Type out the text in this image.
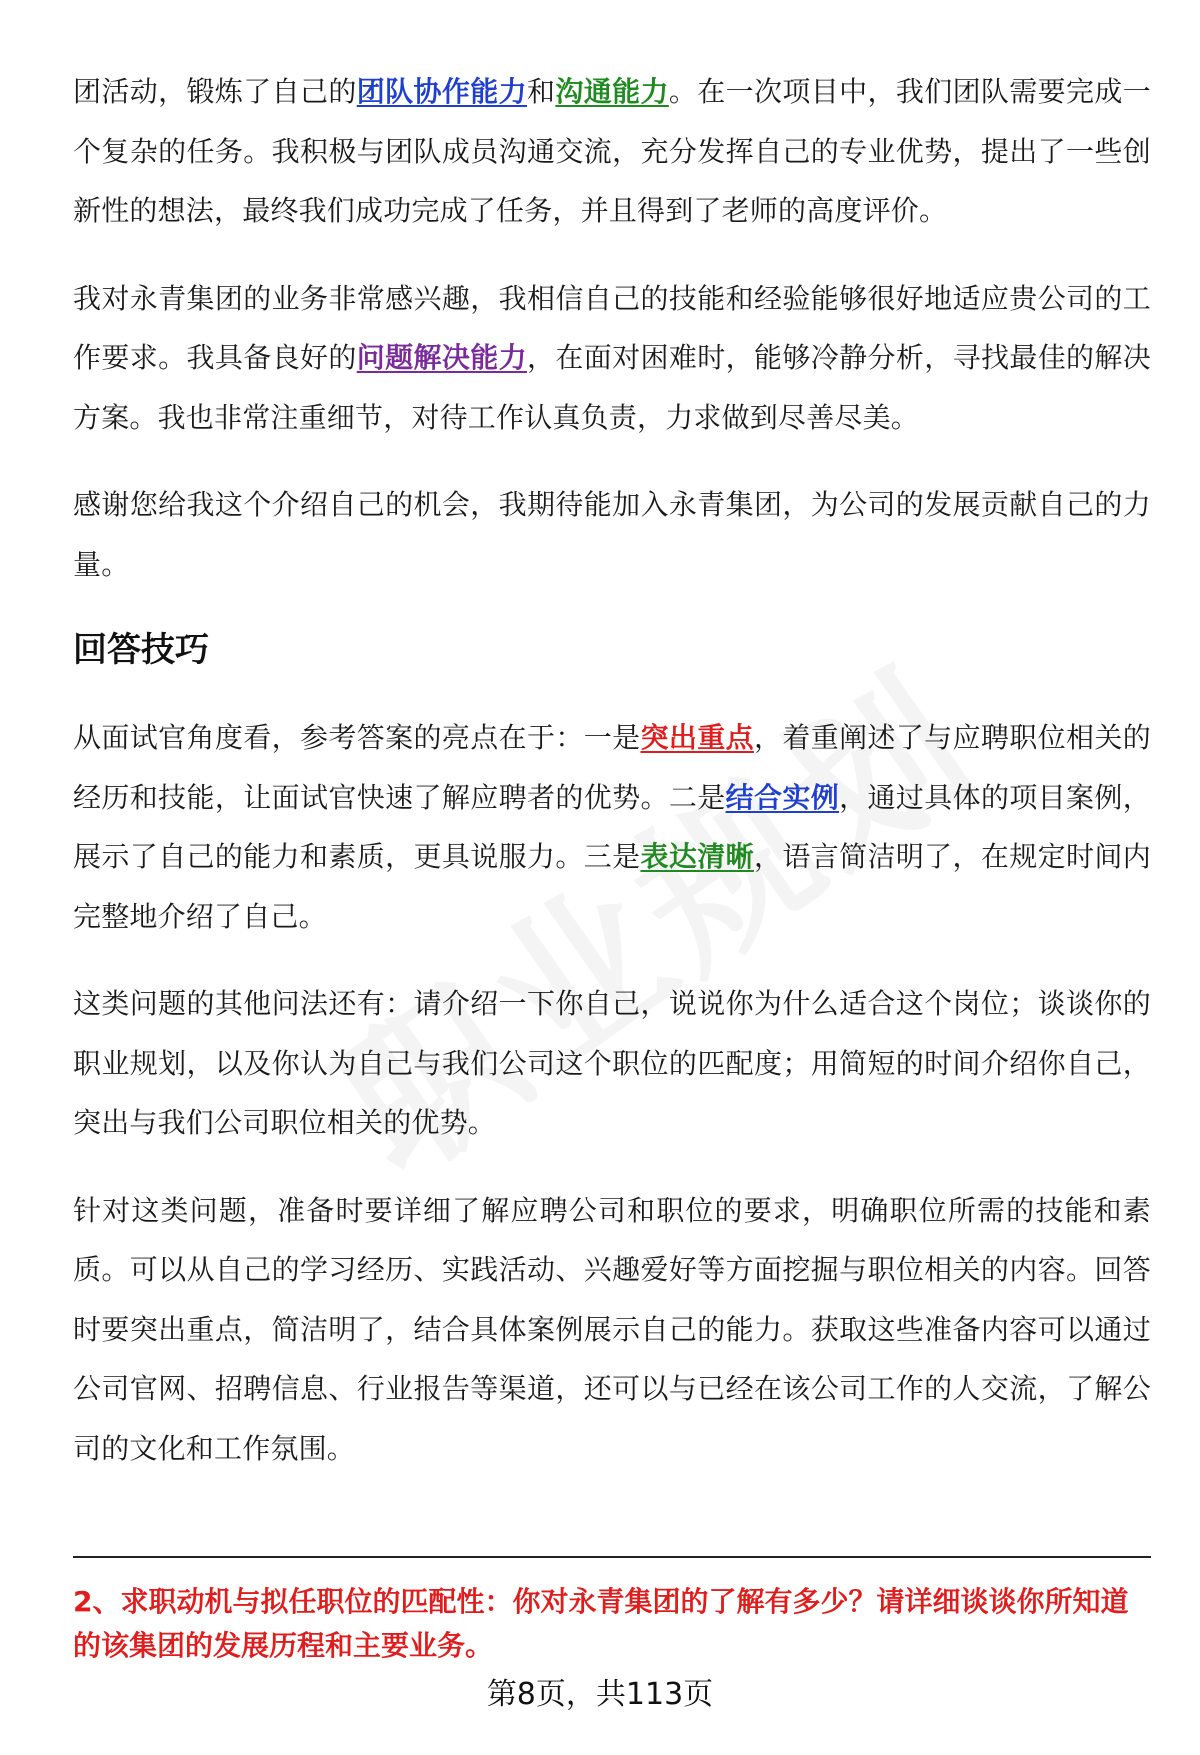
团活动，锻炼了自己的团队协作能力和沟通能力。在一次项目中，我们团队需要完成一个复杂的任务。我积极与团队成员沟通交流，充分发挥自己的专业优势，提出了一些创新性的想法，最终我们成功完成了任务，并且得到了老师的高度评价。

我对永青集团的业务非常感兴趣，我相信自己的技能和经验能够很好地适应贵公司的工作要求。我具备良好的问题解决能力，在面对困难时，能够冷静分析，寻找最佳的解决方案。我也非常注重细节，对待工作认真负责，力求做到尽善尽美。

感谢您给我这个介绍自己的机会，我期待能加入永青集团，为公司的发展贡献自己的力量。

回答技巧

从面试官角度看，参考答案的亮点在于：一是突出重点，着重阐述了与应聘职位相关的经历和技能，让面试官快速了解应聘者的优势。二是结合实例，通过具体的项目案例，展示了自己的能力和素质，更具说服力。三是表达清晰，语言简洁明了，在规定时间内完整地介绍了自己。

这类问题的其他问法还有：请介绍一下你自己，说说你为什么适合这个岗位；谈谈你的职业规划，以及你认为自己与我们公司这个职位的匹配度；用简短的时间介绍你自己，突出与我们公司职位相关的优势。

针对这类问题，准备时要详细了解应聘公司和职位的要求，明确职位所需的技能和素质。可以从自己的学习经历、实践活动、兴趣爱好等方面挖掘与职位相关的内容。回答时要突出重点，简洁明了，结合具体案例展示自己的能力。获取这些准备内容可以通过公司官网、招聘信息、行业报告等渠道，还可以与已经在该公司工作的人交流，了解公司的文化和工作氛围。

2、求职动机与拟任职位的匹配性：你对永青集团的了解有多少？请详细谈谈你所知道的该集团的发展历程和主要业务。

第8页，共113页
